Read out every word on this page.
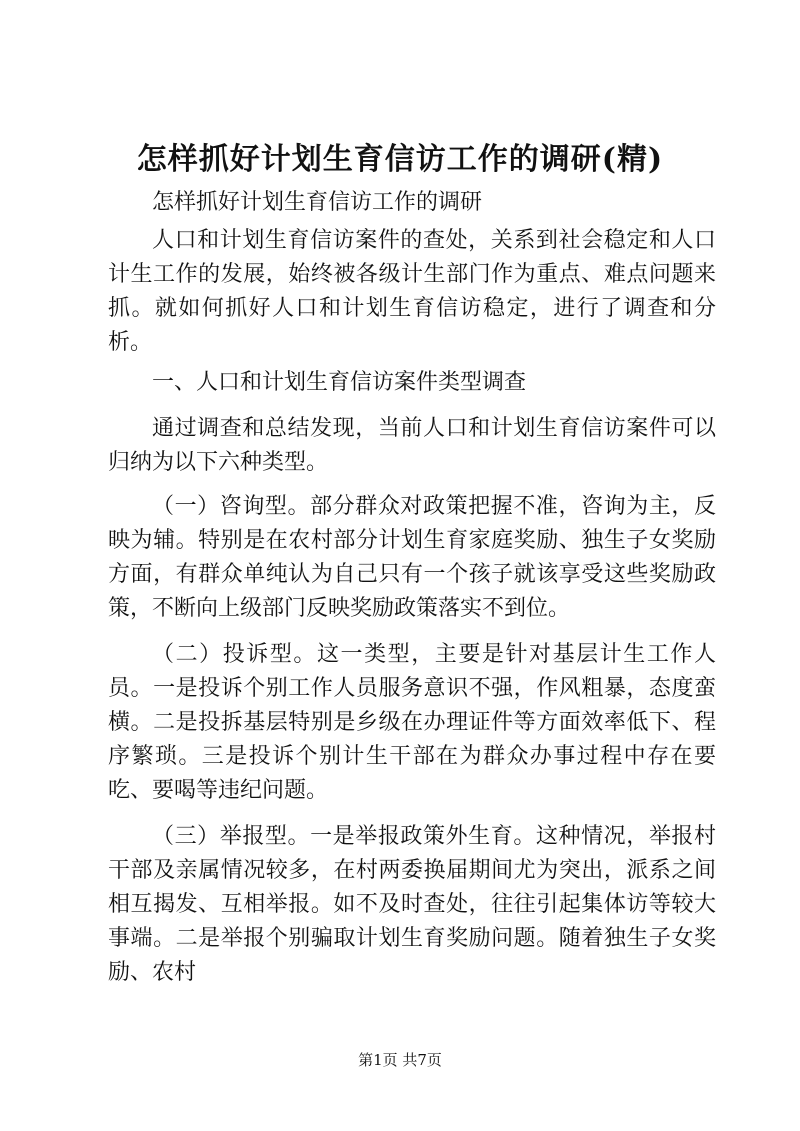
怎样抓好计划生育信访工作的调研(精)

怎样抓好计划生育信访工作的调研

人口和计划生育信访案件的查处，关系到社会稳定和人口计生工作的发展，始终被各级计生部门作为重点、难点问题来抓。就如何抓好人口和计划生育信访稳定，进行了调查和分析。

一、人口和计划生育信访案件类型调查

通过调查和总结发现，当前人口和计划生育信访案件可以归纳为以下六种类型。

（一）咨询型。部分群众对政策把握不准，咨询为主，反映为辅。特别是在农村部分计划生育家庭奖励、独生子女奖励方面，有群众单纯认为自己只有一个孩子就该享受这些奖励政策，不断向上级部门反映奖励政策落实不到位。

（二）投诉型。这一类型，主要是针对基层计生工作人员。一是投诉个别工作人员服务意识不强，作风粗暴，态度蛮横。二是投拆基层特别是乡级在办理证件等方面效率低下、程序繁琐。三是投诉个别计生干部在为群众办事过程中存在要吃、要喝等违纪问题。

（三）举报型。一是举报政策外生育。这种情况，举报村干部及亲属情况较多，在村两委换届期间尤为突出，派系之间相互揭发、互相举报。如不及时查处，往往引起集体访等较大事端。二是举报个别骗取计划生育奖励问题。随着独生子女奖励、农村

第1页 共7页
